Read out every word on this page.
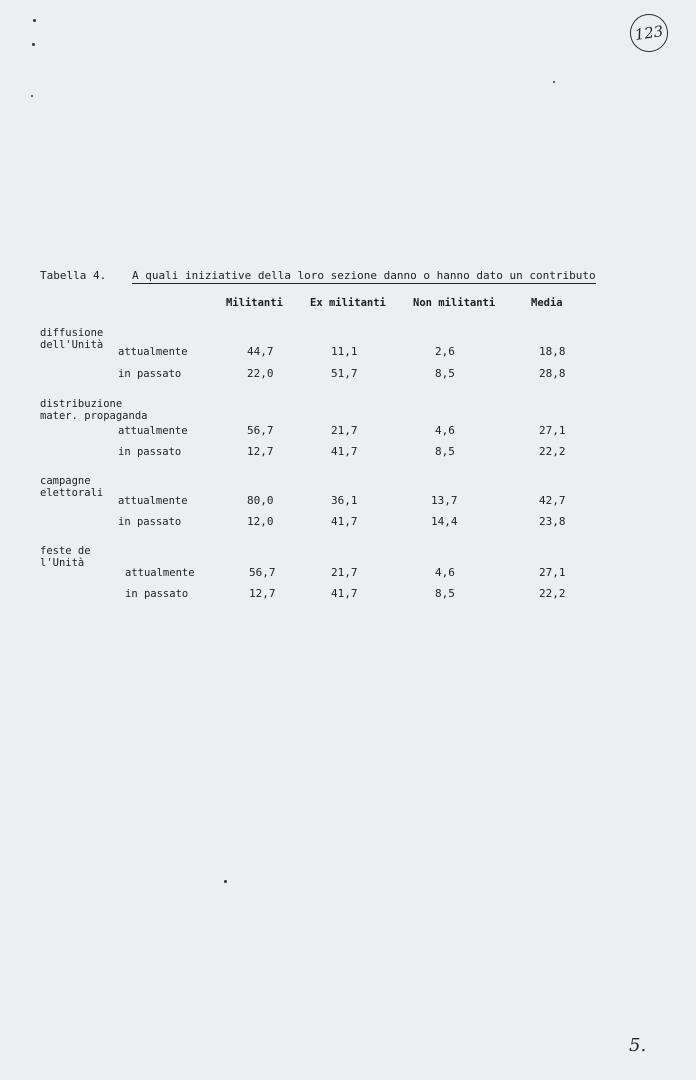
123
Tabella 4. A quali iniziative della loro sezione danno o hanno dato un contributo
Militanti	Ex militanti	Non militanti	Media
diffusione
dell'Unità
attualmente	44,7	11,1	2,6	18,8
in passato	22,0	51,7	8,5	28,8
distribuzione
mater. propaganda
attualmente	56,7	21,7	4,6	27,1
in passato	12,7	41,7	8,5	22,2
campagne
elettorali
attualmente	80,0	36,1	13,7	42,7
in passato	12,0	41,7	14,4	23,8
feste de
l'Unità
attualmente	56,7	21,7	4,6	27,1
in passato	12,7	41,7	8,5	22,2
5.
